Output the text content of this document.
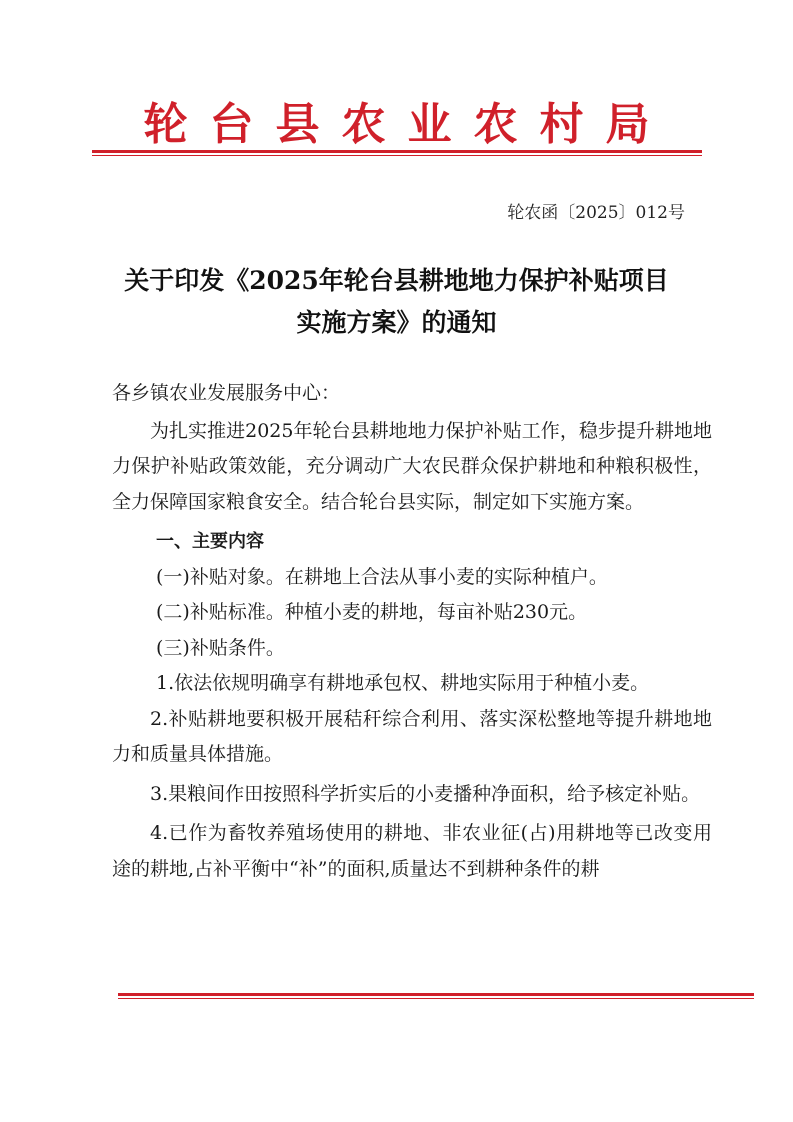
轮台县农业农村局
轮农函〔2025〕012号
关于印发《2025年轮台县耕地地力保护补贴项目
实施方案》的通知

各乡镇农业发展服务中心：

为扎实推进2025年轮台县耕地地力保护补贴工作，稳步提升耕地地力保护补贴政策效能，充分调动广大农民群众保护耕地和种粮积极性，全力保障国家粮食安全。结合轮台县实际，制定如下实施方案。

一、主要内容

(一)补贴对象。在耕地上合法从事小麦的实际种植户。

(二)补贴标准。种植小麦的耕地，每亩补贴230元。

(三)补贴条件。

1.依法依规明确享有耕地承包权、耕地实际用于种植小麦。

2.补贴耕地要积极开展秸秆综合利用、落实深松整地等提升耕地地力和质量具体措施。

3.果粮间作田按照科学折实后的小麦播种净面积，给予核定补贴。

4.已作为畜牧养殖场使用的耕地、非农业征(占)用耕地等已改变用途的耕地,占补平衡中“补”的面积,质量达不到耕种条件的耕
